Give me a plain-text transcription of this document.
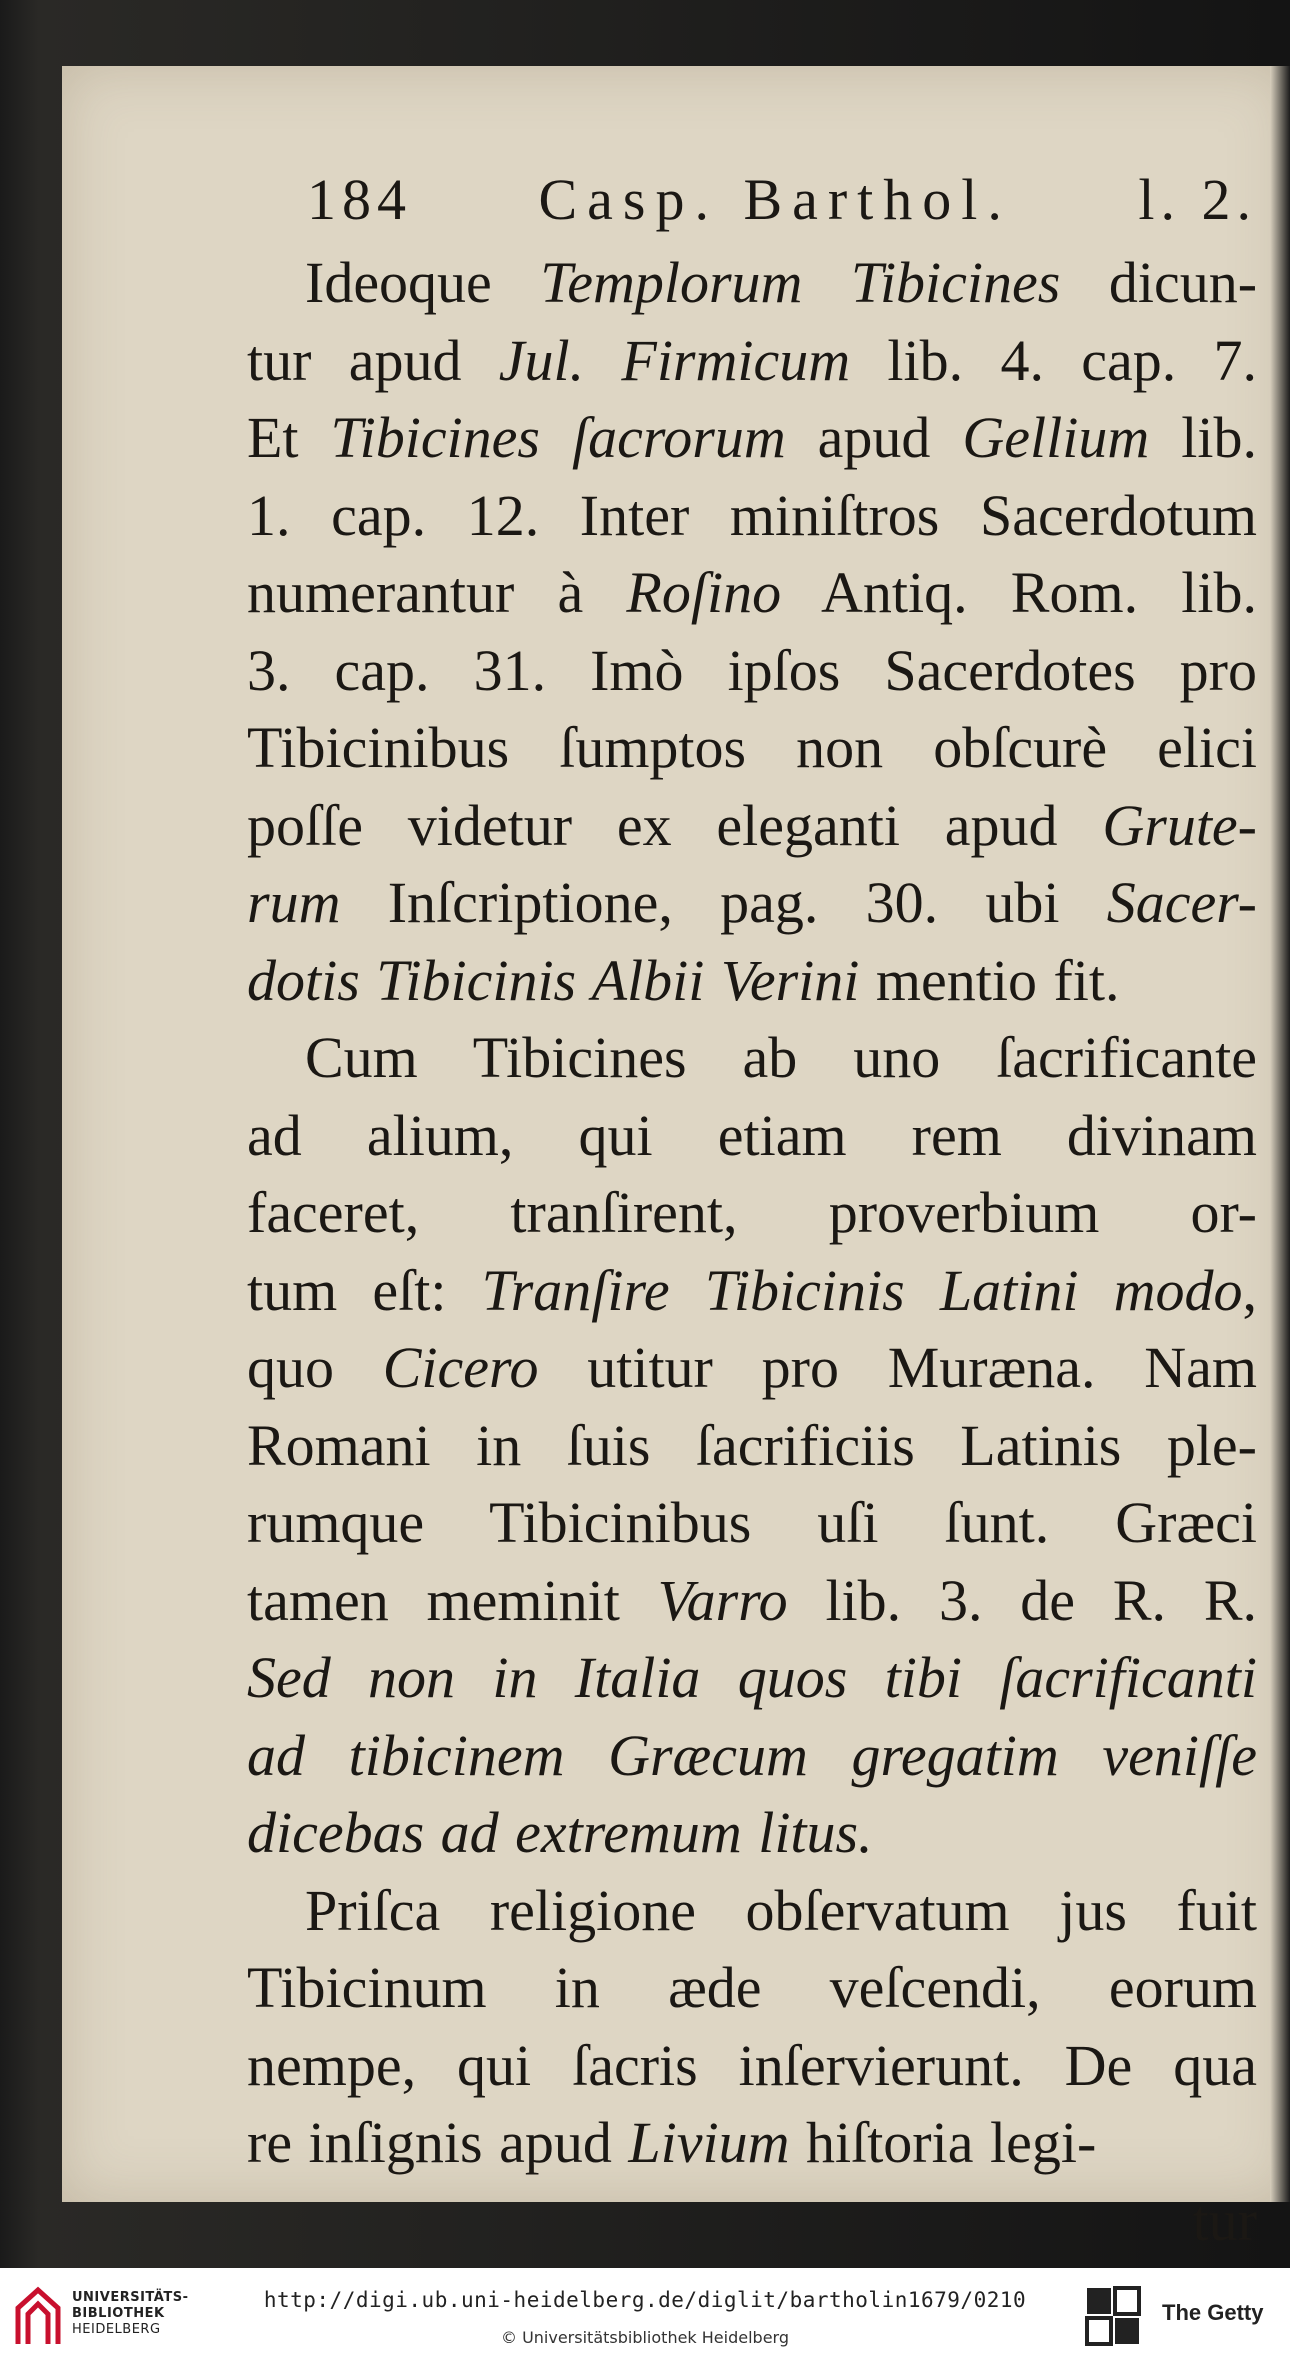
184 Casp. Barthol. l. 2.
Ideoque Templorum Tibicines dicun-
tur apud Jul. Firmicum lib. 4. cap. 7.
Et Tibicines ſacrorum apud Gellium lib.
1. cap. 12. Inter miniſtros Sacerdotum
numerantur à Roſino Antiq. Rom. lib.
3. cap. 31. Imò ipſos Sacerdotes pro
Tibicinibus ſumptos non obſcurè elici
poſſe videtur ex eleganti apud Grute-
rum Inſcriptione, pag. 30. ubi Sacer-
dotis Tibicinis Albii Verini mentio fit.
Cum Tibicines ab uno ſacrificante
ad alium, qui etiam rem divinam
faceret, tranſirent, proverbium or-
tum eſt: Tranſire Tibicinis Latini modo,
quo Cicero utitur pro Muræna. Nam
Romani in ſuis ſacrificiis Latinis ple-
rumque Tibicinibus uſi ſunt. Græci
tamen meminit Varro lib. 3. de R. R.
Sed non in Italia quos tibi ſacrificanti
ad tibicinem Græcum gregatim veniſſe
dicebas ad extremum litus.
Priſca religione obſervatum jus fuit
Tibicinum in æde veſcendi, eorum
nempe, qui ſacris inſervierunt. De qua
re inſignis apud Livium hiſtoria legi-
tur
UNIVERSITÄTS-
BIBLIOTHEK
HEIDELBERG
http://digi.ub.uni-heidelberg.de/diglit/bartholin1679/0210
© Universitätsbibliothek Heidelberg
The Getty
